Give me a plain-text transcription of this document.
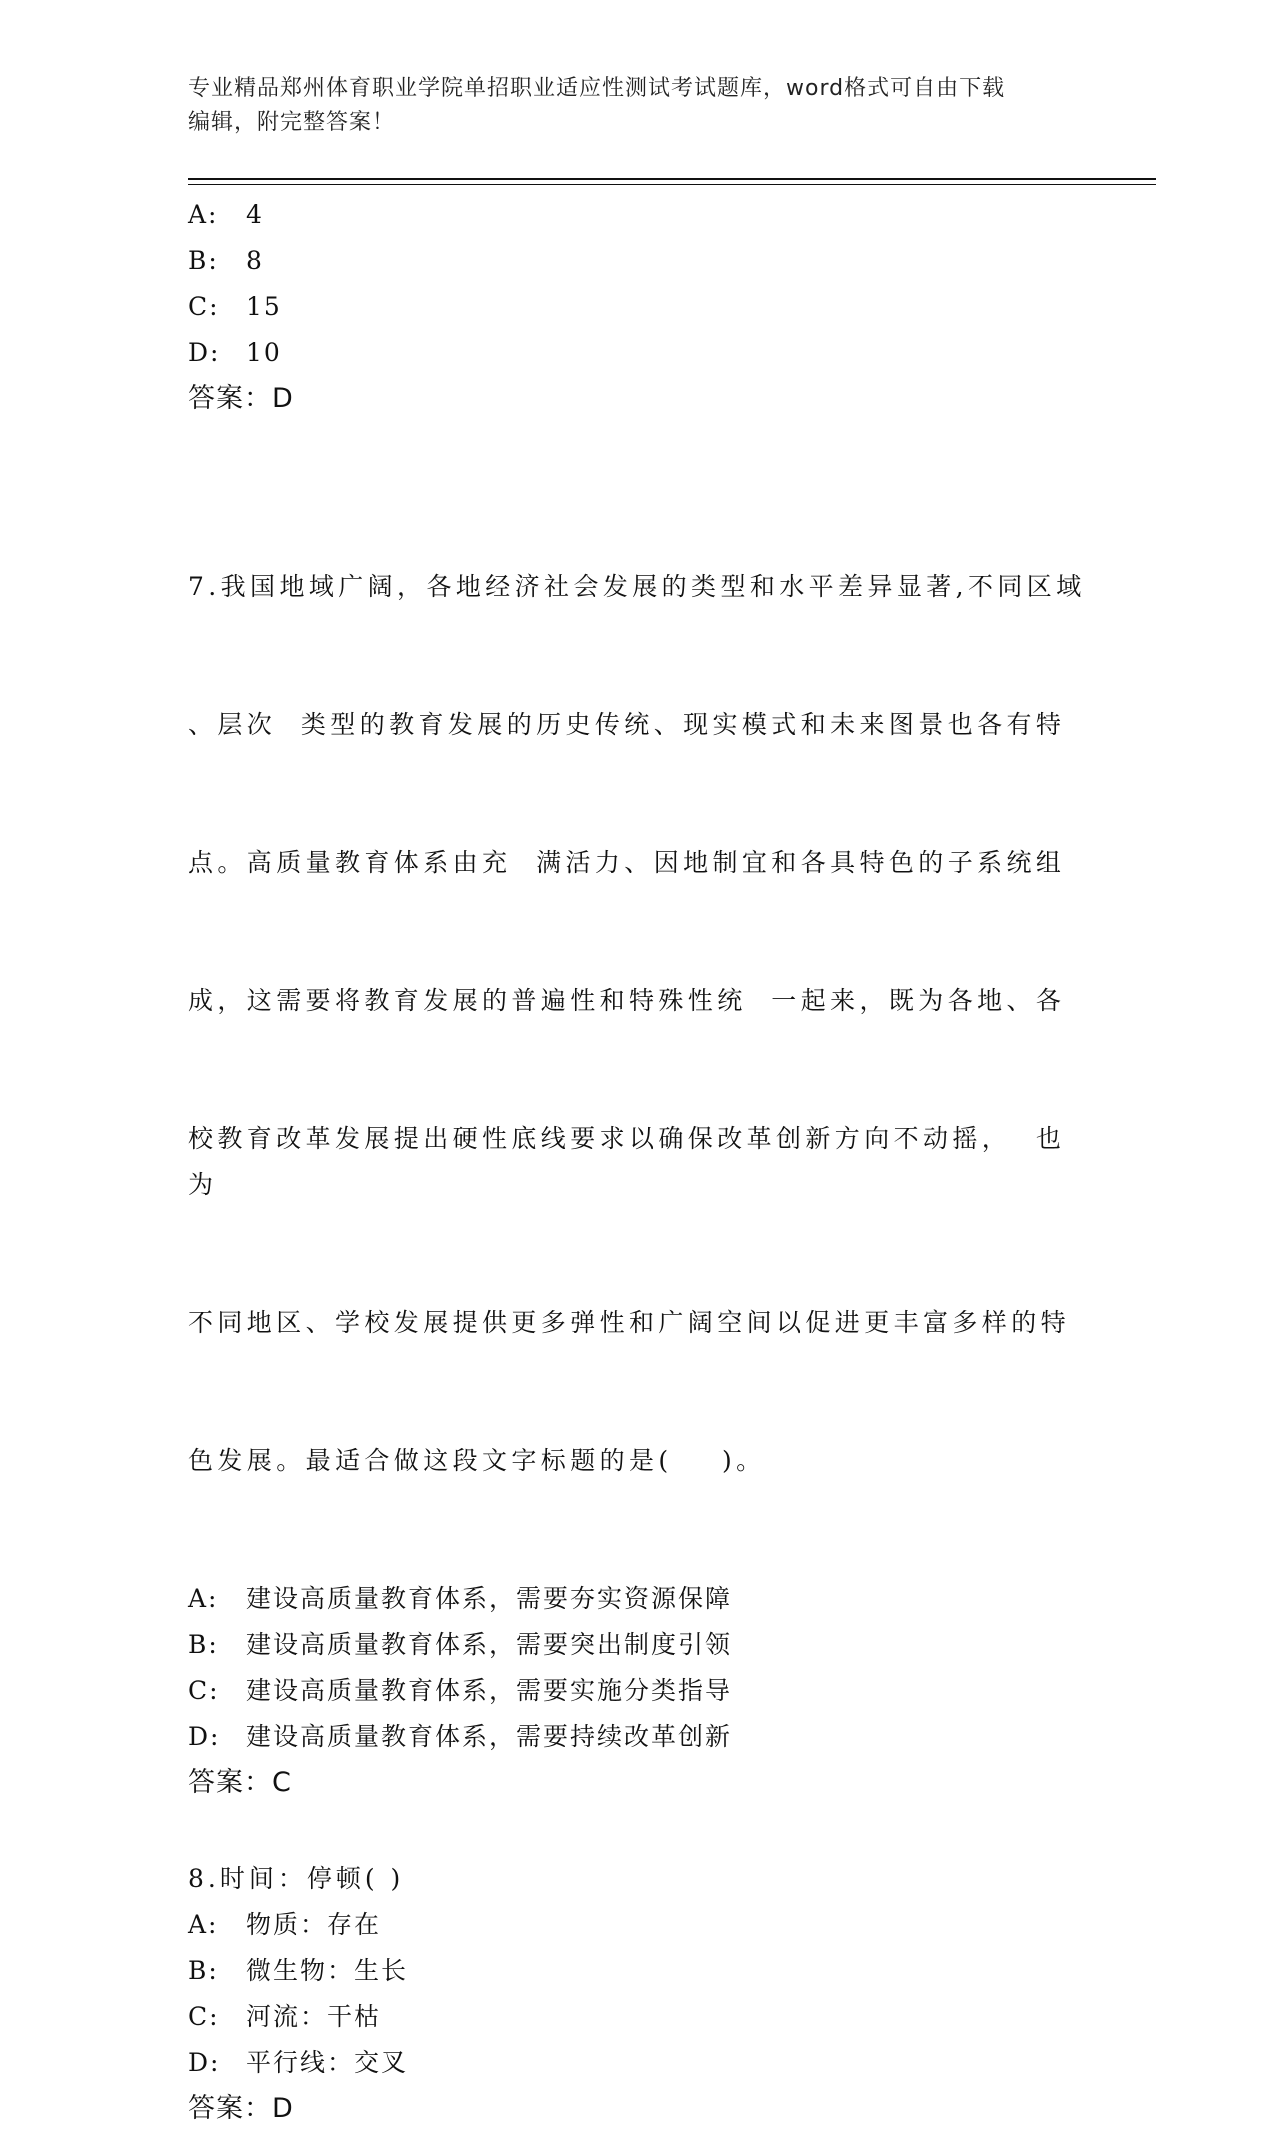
专业精品郑州体育职业学院单招职业适应性测试考试题库，word格式可自由下载
编辑，附完整答案！
A: 4
B: 8
C: 15
D: 10
答案：D

7.我国地域广阔，各地经济社会发展的类型和水平差异显著,不同区域

、层次  类型的教育发展的历史传统、现实模式和未来图景也各有特

点。高质量教育体系由充  满活力、因地制宜和各具特色的子系统组

成，这需要将教育发展的普遍性和特殊性统  一起来，既为各地、各

校教育改革发展提出硬性底线要求以确保改革创新方向不动摇，  也为

不同地区、学校发展提供更多弹性和广阔空间以促进更丰富多样的特

色发展。最适合做这段文字标题的是(    )。

A: 建设高质量教育体系，需要夯实资源保障
B: 建设高质量教育体系，需要突出制度引领
C: 建设高质量教育体系，需要实施分类指导
D: 建设高质量教育体系，需要持续改革创新
答案：C
8.时间：停顿( )
A: 物质：存在
B: 微生物：生长
C: 河流：干枯
D: 平行线：交叉
答案：D
